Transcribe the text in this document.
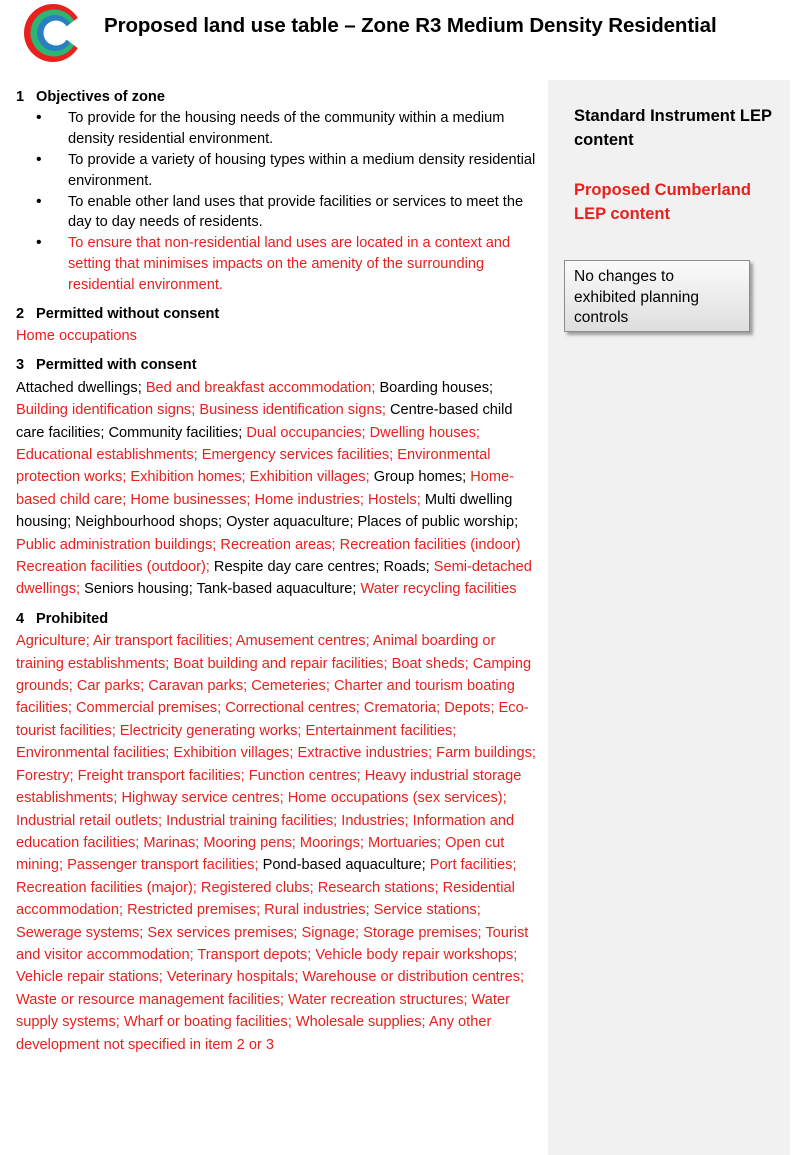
Proposed land use table – Zone R3 Medium Density Residential
1 Objectives of zone
• To provide for the housing needs of the community within a medium density residential environment.
• To provide a variety of housing types within a medium density residential environment.
• To enable other land uses that provide facilities or services to meet the day to day needs of residents.
• To ensure that non-residential land uses are located in a context and setting that minimises impacts on the amenity of the surrounding residential environment.
2 Permitted without consent

Home occupations

3 Permitted with consent

Attached dwellings; Bed and breakfast accommodation; Boarding houses; Building identification signs; Business identification signs; Centre-based child care facilities; Community facilities; Dual occupancies; Dwelling houses; Educational establishments; Emergency services facilities; Environmental protection works; Exhibition homes; Exhibition villages; Group homes; Home-based child care; Home businesses; Home industries; Hostels; Multi dwelling housing; Neighbourhood shops; Oyster aquaculture; Places of public worship; Public administration buildings; Recreation areas; Recreation facilities (indoor) Recreation facilities (outdoor); Respite day care centres; Roads; Semi-detached dwellings; Seniors housing; Tank-based aquaculture; Water recycling facilities

4 Prohibited

Agriculture; Air transport facilities; Amusement centres; Animal boarding or training establishments; Boat building and repair facilities; Boat sheds; Camping grounds; Car parks; Caravan parks; Cemeteries; Charter and tourism boating facilities; Commercial premises; Correctional centres; Crematoria; Depots; Eco-tourist facilities; Electricity generating works; Entertainment facilities; Environmental facilities; Exhibition villages; Extractive industries; Farm buildings; Forestry; Freight transport facilities; Function centres; Heavy industrial storage establishments; Highway service centres; Home occupations (sex services); Industrial retail outlets; Industrial training facilities; Industries; Information and education facilities; Marinas; Mooring pens; Moorings; Mortuaries; Open cut mining; Passenger transport facilities; Pond-based aquaculture; Port facilities; Recreation facilities (major); Registered clubs; Research stations; Residential accommodation; Restricted premises; Rural industries; Service stations; Sewerage systems; Sex services premises; Signage; Storage premises; Tourist and visitor accommodation; Transport depots; Vehicle body repair workshops; Vehicle repair stations; Veterinary hospitals; Warehouse or distribution centres; Waste or resource management facilities; Water recreation structures; Water supply systems; Wharf or boating facilities; Wholesale supplies; Any other development not specified in item 2 or 3

Standard Instrument LEP content
Proposed Cumberland LEP content
No changes to exhibited planning controls
